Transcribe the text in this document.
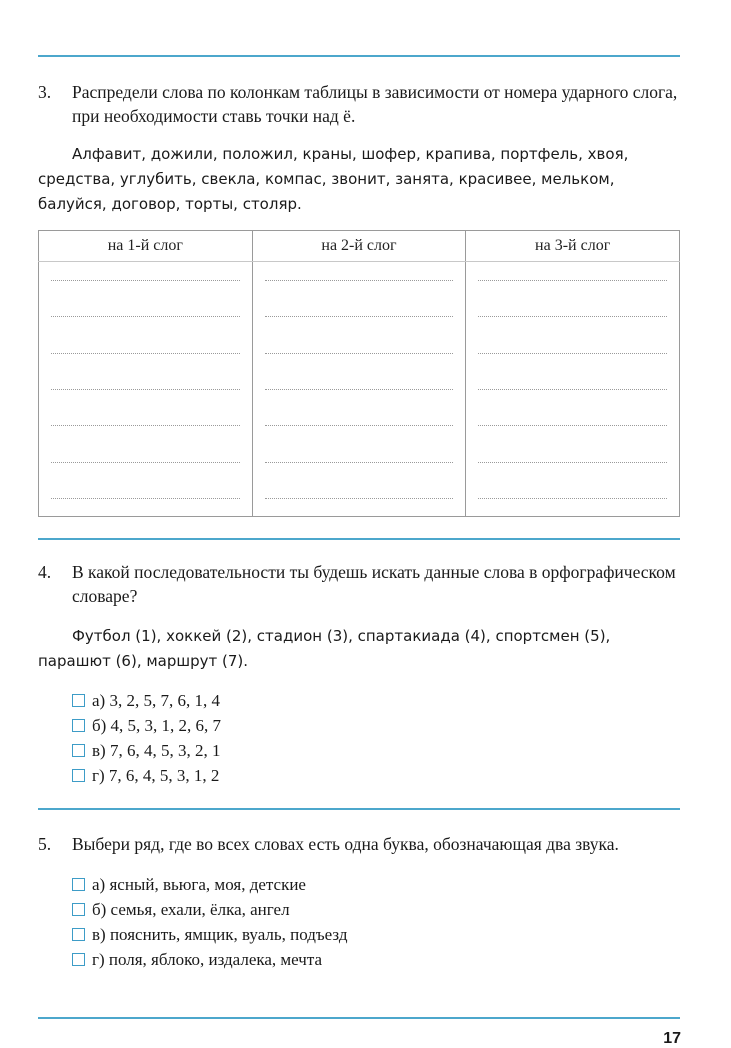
3.	Распредели слова по колонкам таблицы в зависимости от номера ударного слога, при необходимости ставь точки над ё.
Алфавит, дожили, положил, краны, шофер, крапива, портфель, хвоя, средства, углубить, свекла, компас, звонит, занята, красивее, мельком, балуйся, договор, торты, столяр.
на 1-й слог	на 2-й слог	на 3-й слог

4.	В какой последовательности ты будешь искать данные слова в орфографическом словаре?
Футбол (1), хоккей (2), стадион (3), спартакиада (4), спортсмен (5), парашют (6), маршрут (7).
а) 3, 2, 5, 7, 6, 1, 4
б) 4, 5, 3, 1, 2, 6, 7
в) 7, 6, 4, 5, 3, 2, 1
г) 7, 6, 4, 5, 3, 1, 2
5.	Выбери ряд, где во всех словах есть одна буква, обозначающая два звука.
а) ясный, вьюга, моя, детские
б) семья, ехали, ёлка, ангел
в) пояснить, ямщик, вуаль, подъезд
г) поля, яблоко, издалека, мечта
17
